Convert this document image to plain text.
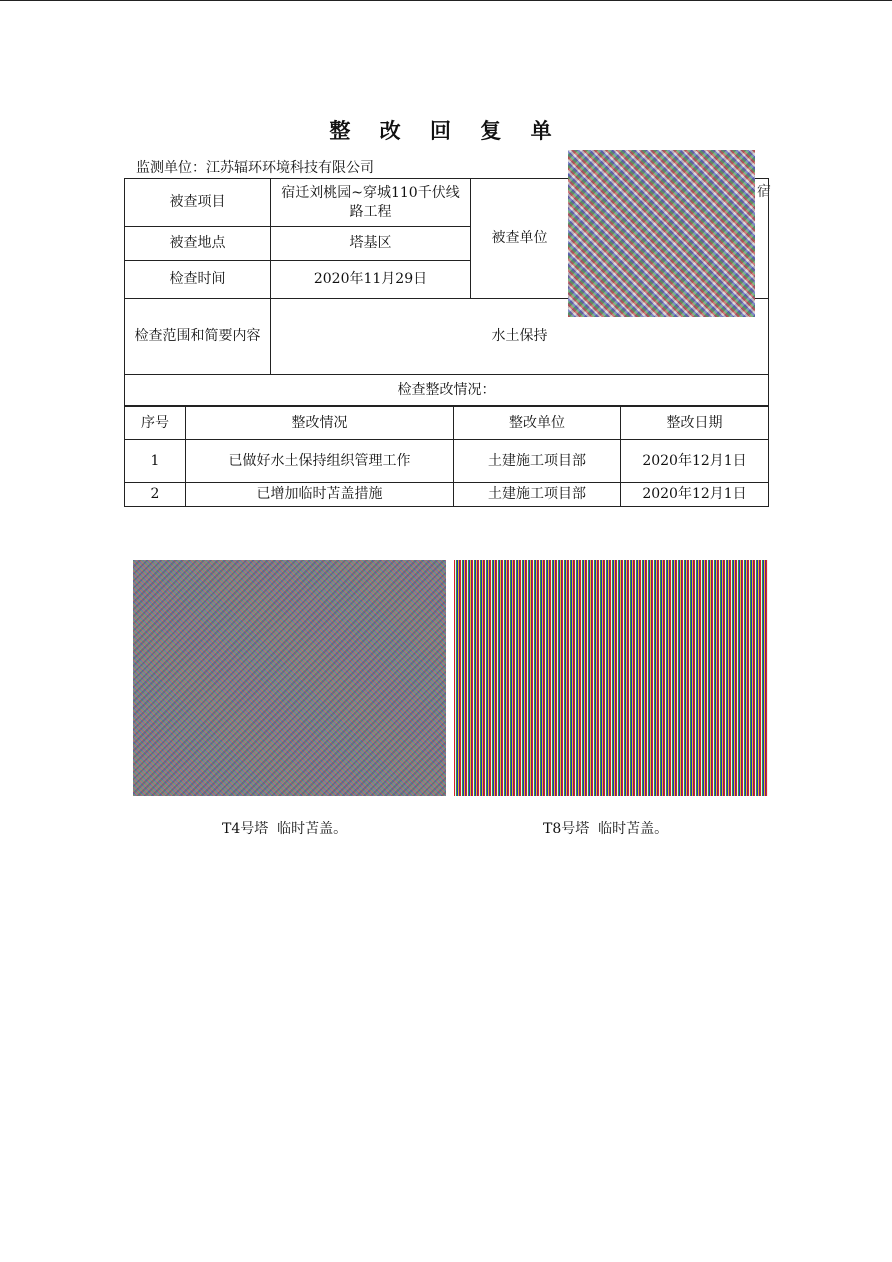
整 改 回 复 单
监测单位：江苏辐环环境科技有限公司
被查项目	宿迁刘桃园~穿城110千伏线路工程	被查单位	
被查地点	塔基区		
检查时间	2020年11月29日		
检查范围和简要内容	水土保持		
检查整改情况：			
序号	整改情况	整改单位	整改日期
1	已做好水土保持组织管理工作	土建施工项目部	2020年12月1日
2	已增加临时苫盖措施	土建施工项目部	2020年12月1日
宿
T4号塔  临时苫盖。	T8号塔  临时苫盖。
